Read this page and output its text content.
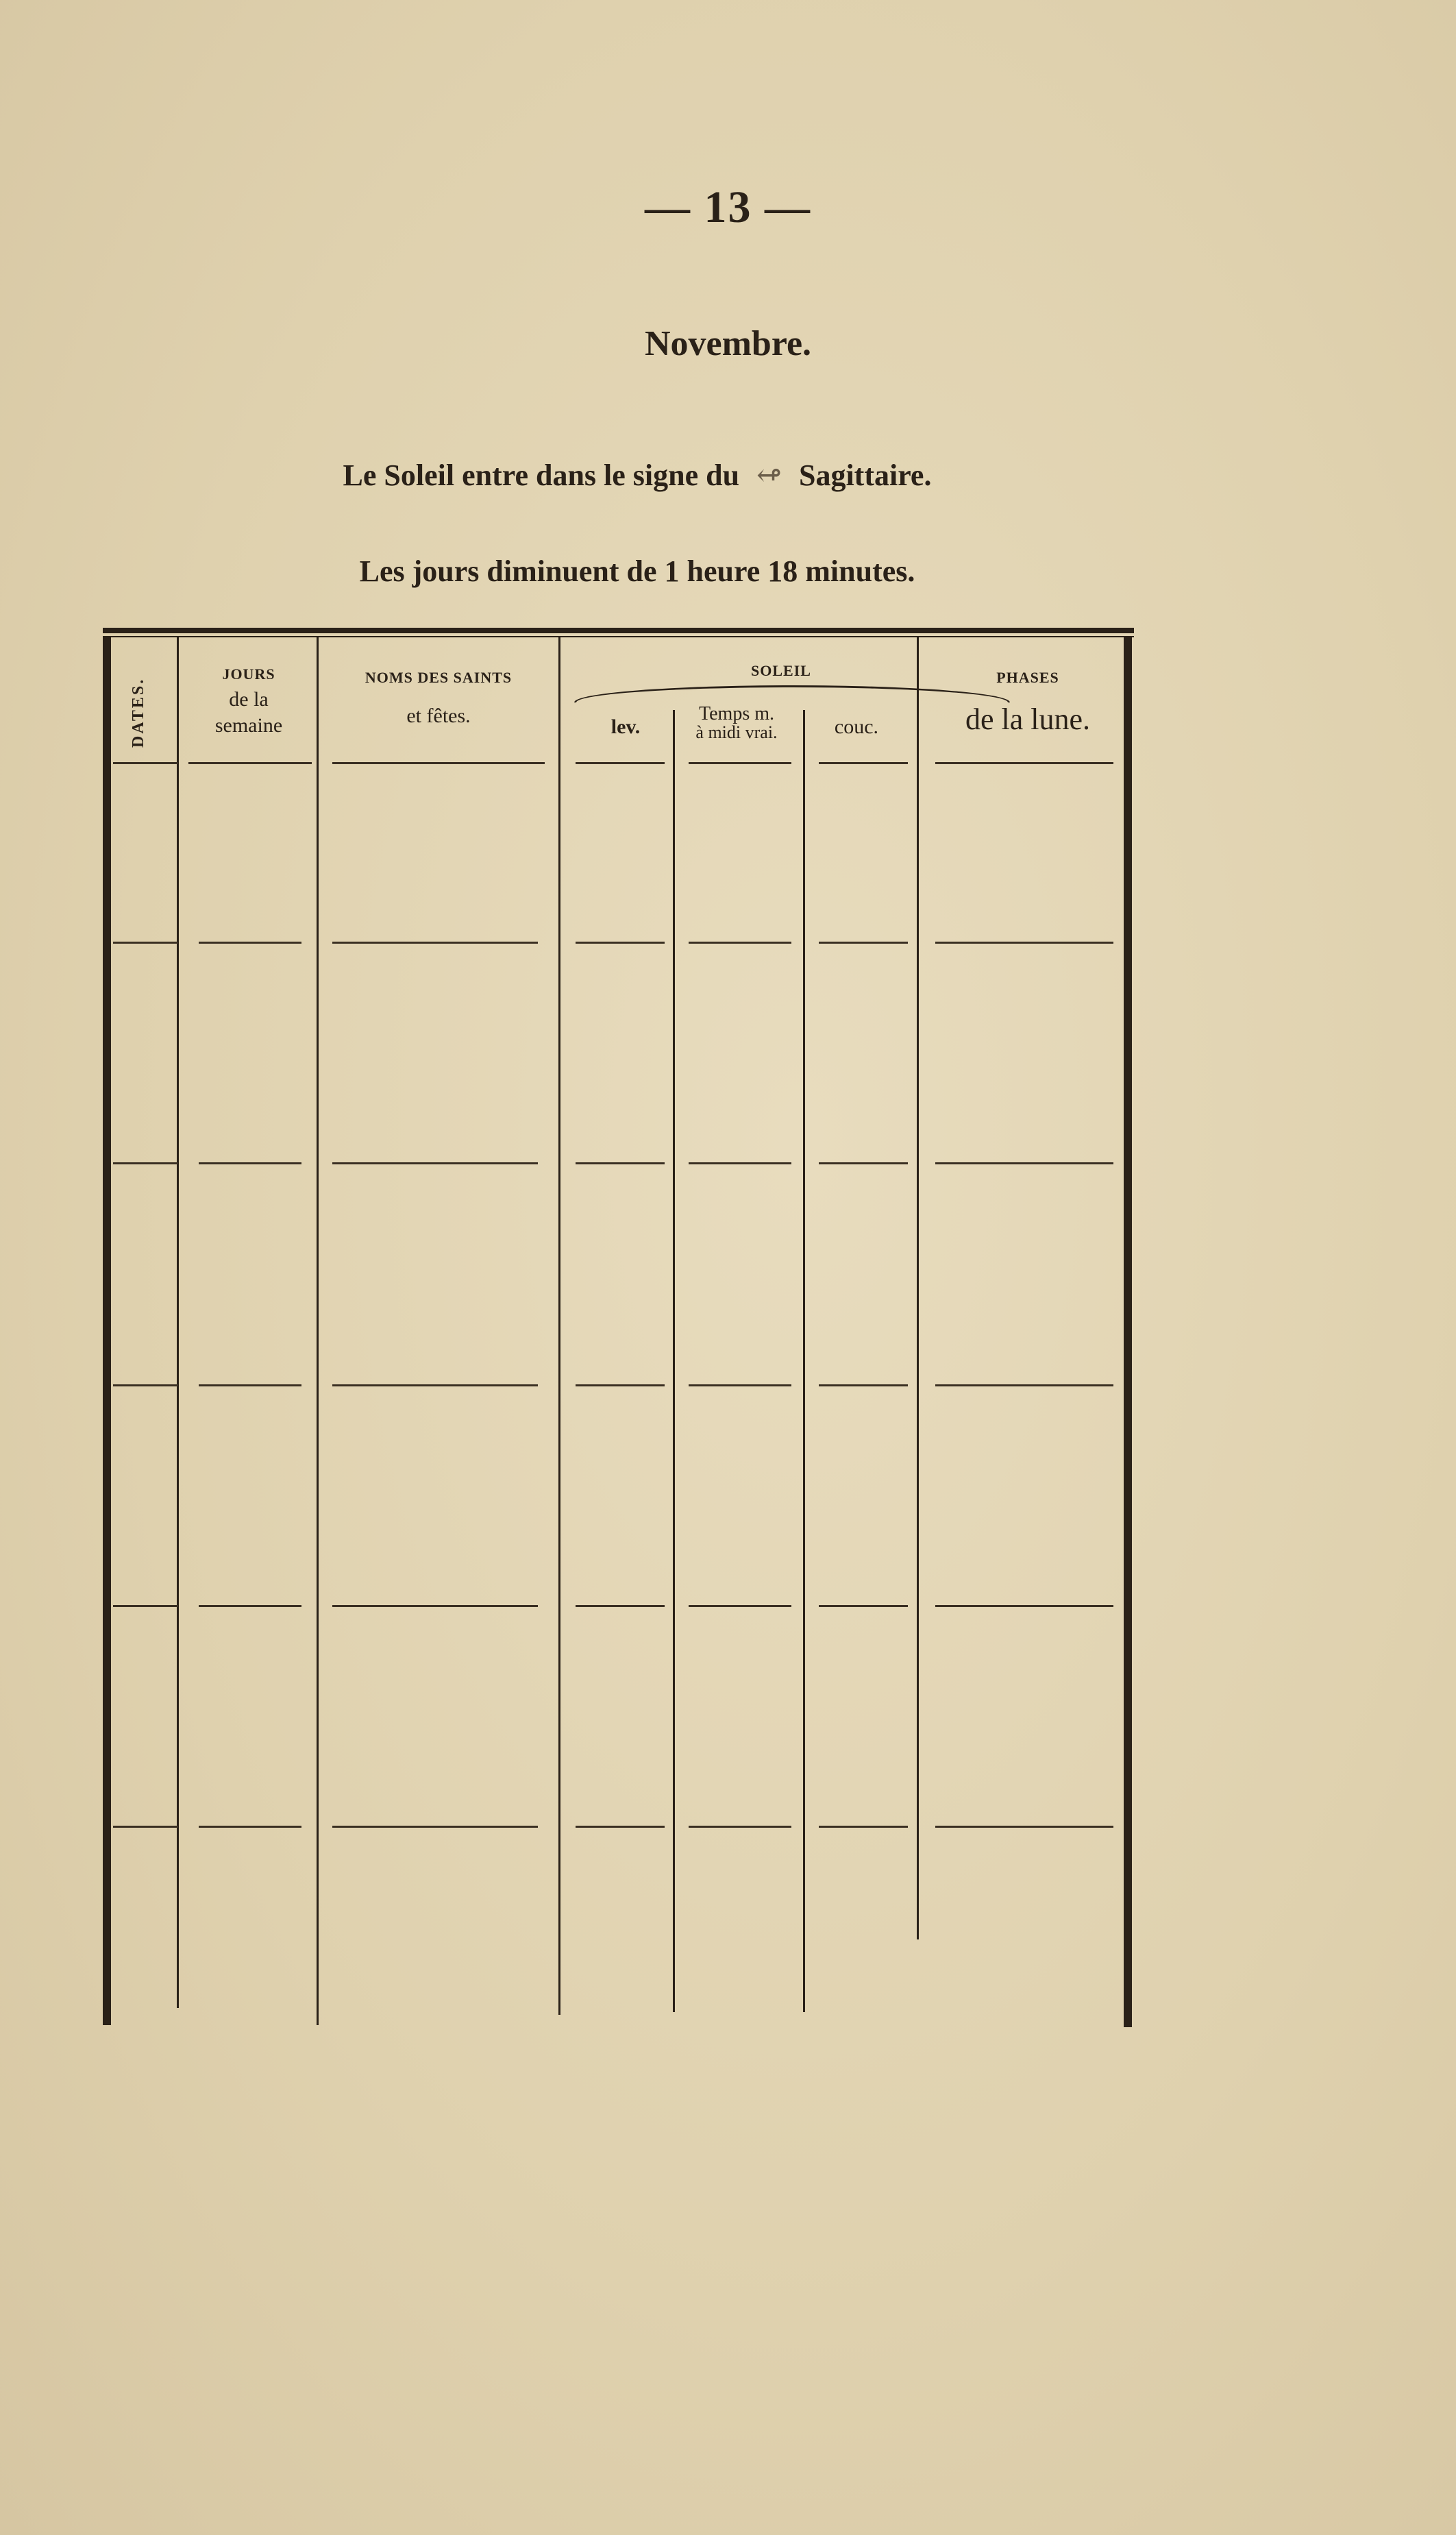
— 13 —
Novembre.
Le Soleil entre dans le signe du ↫ Sagittaire.
Les jours diminuent de 1 heure 18 minutes.
DATES.
JOURS
de la
semaine
NOMS DES SAINTS
et fêtes.
SOLEIL
lev.
Temps m.
à midi vrai.	couc.
PHASES
de la lune.
